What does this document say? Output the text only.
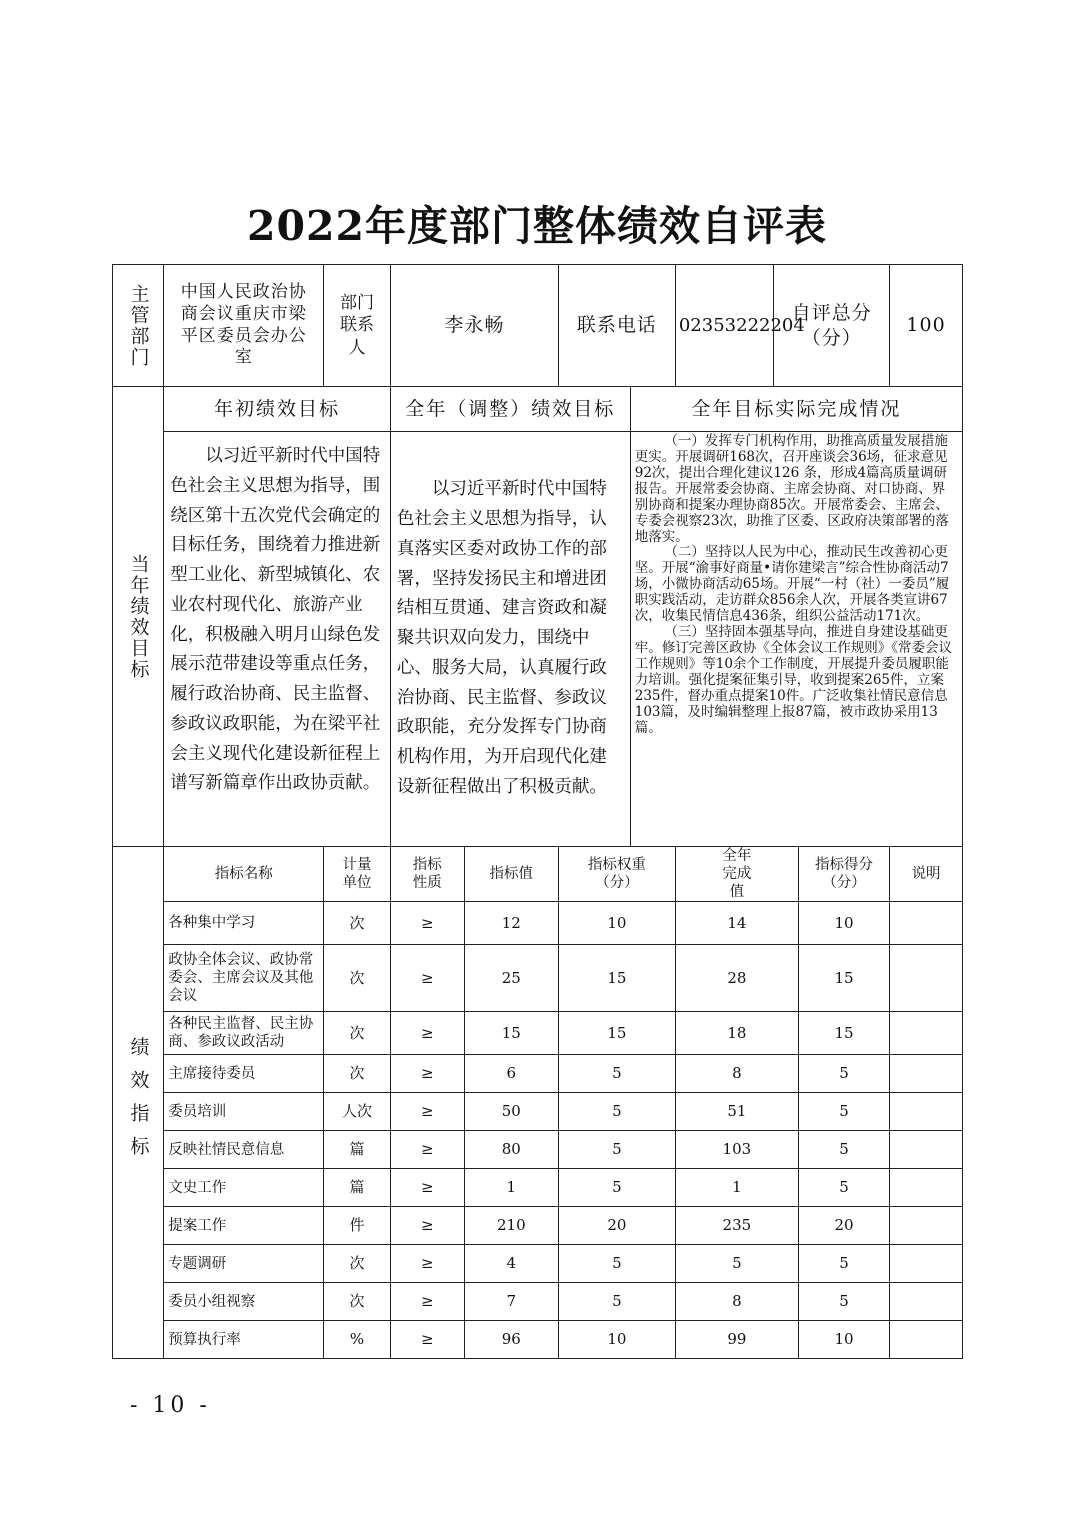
2022年度部门整体绩效自评表
主管部门	中国人民政治协商会议重庆市梁平区委员会办公室	部门联系人	李永畅		联系电话		02353222204	自评总分（分）		100

当年绩效目标	年初绩效目标		全年（调整）绩效目标			全年目标实际完成情况				
	以习近平新时代中国特色社会主义思想为指导，围绕区第十五次党代会确定的目标任务，围绕着力推进新型工业化、新型城镇化、农业农村现代化、旅游产业化，积极融入明月山绿色发展示范带建设等重点任务，履行政治协商、民主监督、参政议政职能，为在梁平社会主义现代化建设新征程上谱写新篇章作出政协贡献。		以习近平新时代中国特色社会主义思想为指导，认真落实区委对政协工作的部署，坚持发扬民主和增进团结相互贯通、建言资政和凝聚共识双向发力，围绕中心、服务大局，认真履行政治协商、民主监督、参政议政职能，充分发挥专门协商机构作用，为开启现代化建设新征程做出了积极贡献。			（一）发挥专门机构作用，助推高质量发展措施更实。开展调研168次，召开座谈会36场，征求意见92次，提出合理化建议126 条，形成4篇高质量调研报告。开展常委会协商、主席会协商、对口协商、界别协商和提案办理协商85次。开展常委会、主席会、专委会视察23次，助推了区委、区政府决策部署的落地落实。

（二）坚持以人民为中心，推动民生改善初心更坚。开展“渝事好商量•请你建梁言”综合性协商活动7场，小微协商活动65场。开展“一村（社）一委员”履职实践活动，走访群众856余人次，开展各类宣讲67次，收集民情信息436条，组织公益活动171次。

（三）坚持固本强基导向，推进自身建设基础更牢。修订完善区政协《全体会议工作规则》《常委会议工作规则》等10余个工作制度，开展提升委员履职能力培训。强化提案征集引导，收到提案265件，立案235件，督办重点提案10件。广泛收集社情民意信息103篇，及时编辑整理上报87篇，被市政协采用13篇。				

绩效指标	指标名称	计量单位	指标性质	指标值	指标权重（分）		全年完成值		指标得分（分）	说明
	各种集中学习	次	≥	12	10		14		10	
	政协全体会议、政协常委会、主席会议及其他会议	次	≥	25	15		28		15	
	各种民主监督、民主协商、参政议政活动	次	≥	15	15		18		15	
	主席接待委员	次	≥	6	5		8		5	
	委员培训	人次	≥	50	5		51		5	
	反映社情民意信息	篇	≥	80	5		103		5	
	文史工作	篇	≥	1	5		1		5	
	提案工作	件	≥	210	20		235		20	
	专题调研	次	≥	4	5		5		5	
	委员小组视察	次	≥	7	5		8		5	
	预算执行率	%	≥	96	10		99		10	
- 10 -
